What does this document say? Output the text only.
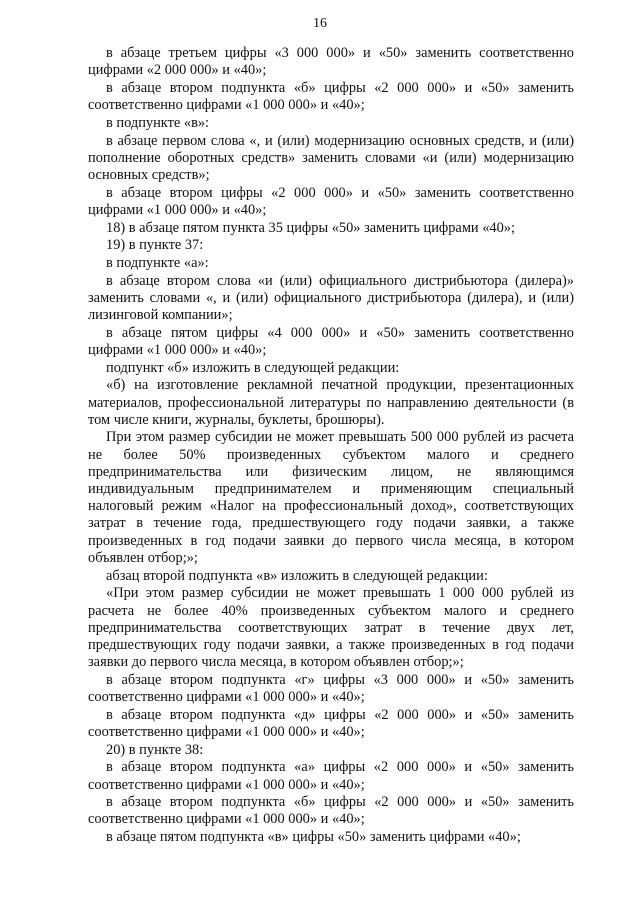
16

в абзаце третьем цифры «3 000 000» и «50» заменить соответственно цифрами «2 000 000» и «40»;

в абзаце втором подпункта «б» цифры «2 000 000» и «50» заменить соответственно цифрами «1 000 000» и «40»;

в подпункте «в»:

в абзаце первом слова «, и (или) модернизацию основных средств, и (или) пополнение оборотных средств» заменить словами «и (или) модернизацию основных средств»;

в абзаце втором цифры «2 000 000» и «50» заменить соответственно цифрами «1 000 000» и «40»;

18) в абзаце пятом пункта 35 цифры «50» заменить цифрами «40»;

19) в пункте 37:

в подпункте «а»:

в абзаце втором слова «и (или) официального дистрибьютора (дилера)» заменить словами «, и (или) официального дистрибьютора (дилера), и (или) лизинговой компании»;

в абзаце пятом цифры «4 000 000» и «50» заменить соответственно цифрами «1 000 000» и «40»;

подпункт «б» изложить в следующей редакции:

«б) на изготовление рекламной печатной продукции, презентационных материалов, профессиональной литературы по направлению деятельности (в том числе книги, журналы, буклеты, брошюры).

При этом размер субсидии не может превышать 500 000 рублей из расчета не более 50% произведенных субъектом малого и среднего предпринимательства или физическим лицом, не являющимся индивидуальным предпринимателем и применяющим специальный налоговый режим «Налог на профессиональный доход», соответствующих затрат в течение года, предшествующего году подачи заявки, а также произведенных в год подачи заявки до первого числа месяца, в котором объявлен отбор;»;

абзац второй подпункта «в» изложить в следующей редакции:

«При этом размер субсидии не может превышать 1 000 000 рублей из расчета не более 40% произведенных субъектом малого и среднего предпринимательства соответствующих затрат в течение двух лет, предшествующих году подачи заявки, а также произведенных в год подачи заявки до первого числа месяца, в котором объявлен отбор;»;

в абзаце втором подпункта «г» цифры «3 000 000» и «50» заменить соответственно цифрами «1 000 000» и «40»;

в абзаце втором подпункта «д» цифры «2 000 000» и «50» заменить соответственно цифрами «1 000 000» и «40»;

20) в пункте 38:

в абзаце втором подпункта «а» цифры «2 000 000» и «50» заменить соответственно цифрами «1 000 000» и «40»;

в абзаце втором подпункта «б» цифры «2 000 000» и «50» заменить соответственно цифрами «1 000 000» и «40»;

в абзаце пятом подпункта «в» цифры «50» заменить цифрами «40»;
